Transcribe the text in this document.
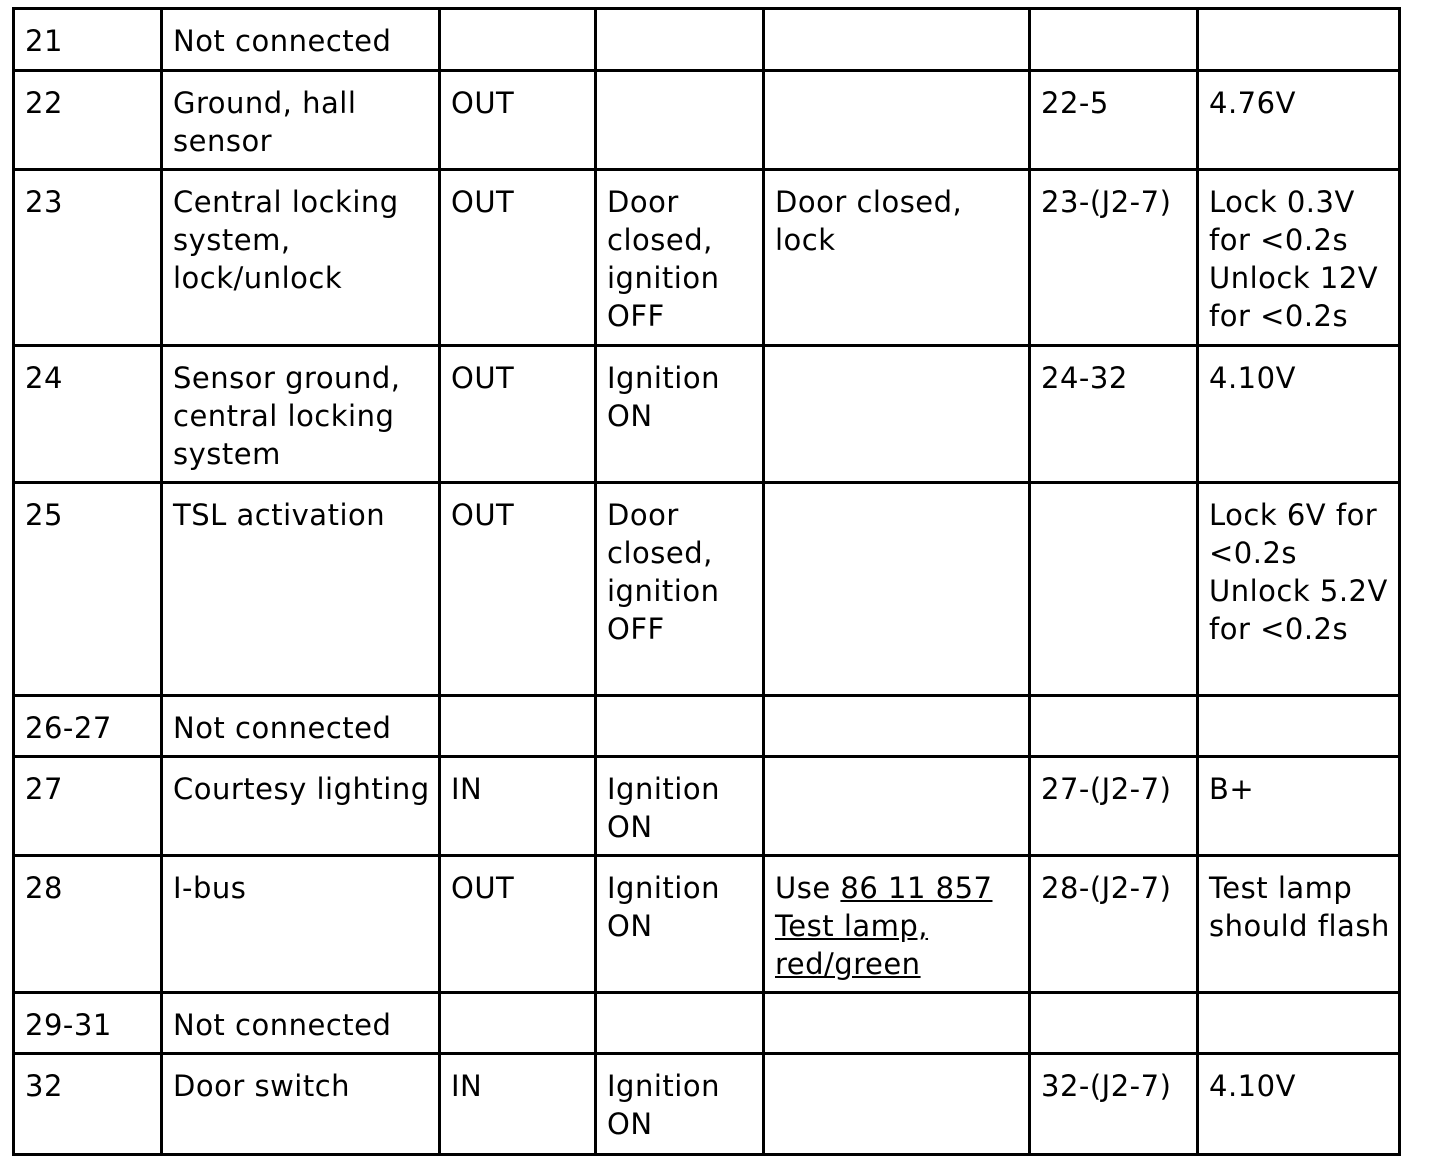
21	Not connected					
22	Ground, hall sensor	OUT			22-5	4.76V
23	Central locking system, lock/unlock	OUT	Door closed, ignition OFF	Door closed, lock	23-(J2-7)	Lock 0.3V for <0.2s Unlock 12V for <0.2s
24	Sensor ground, central locking system	OUT	Ignition ON		24-32	4.10V
25	TSL activation	OUT	Door closed, ignition OFF			Lock 6V for <0.2s Unlock 5.2V for <0.2s
26-27	Not connected					
27	Courtesy lighting	IN	Ignition ON		27-(J2-7)	B+
28	I-bus	OUT	Ignition ON	Use 86 11 857 Test lamp, red/green	28-(J2-7)	Test lamp should flash
29-31	Not connected					
32	Door switch	IN	Ignition ON		32-(J2-7)	4.10V
